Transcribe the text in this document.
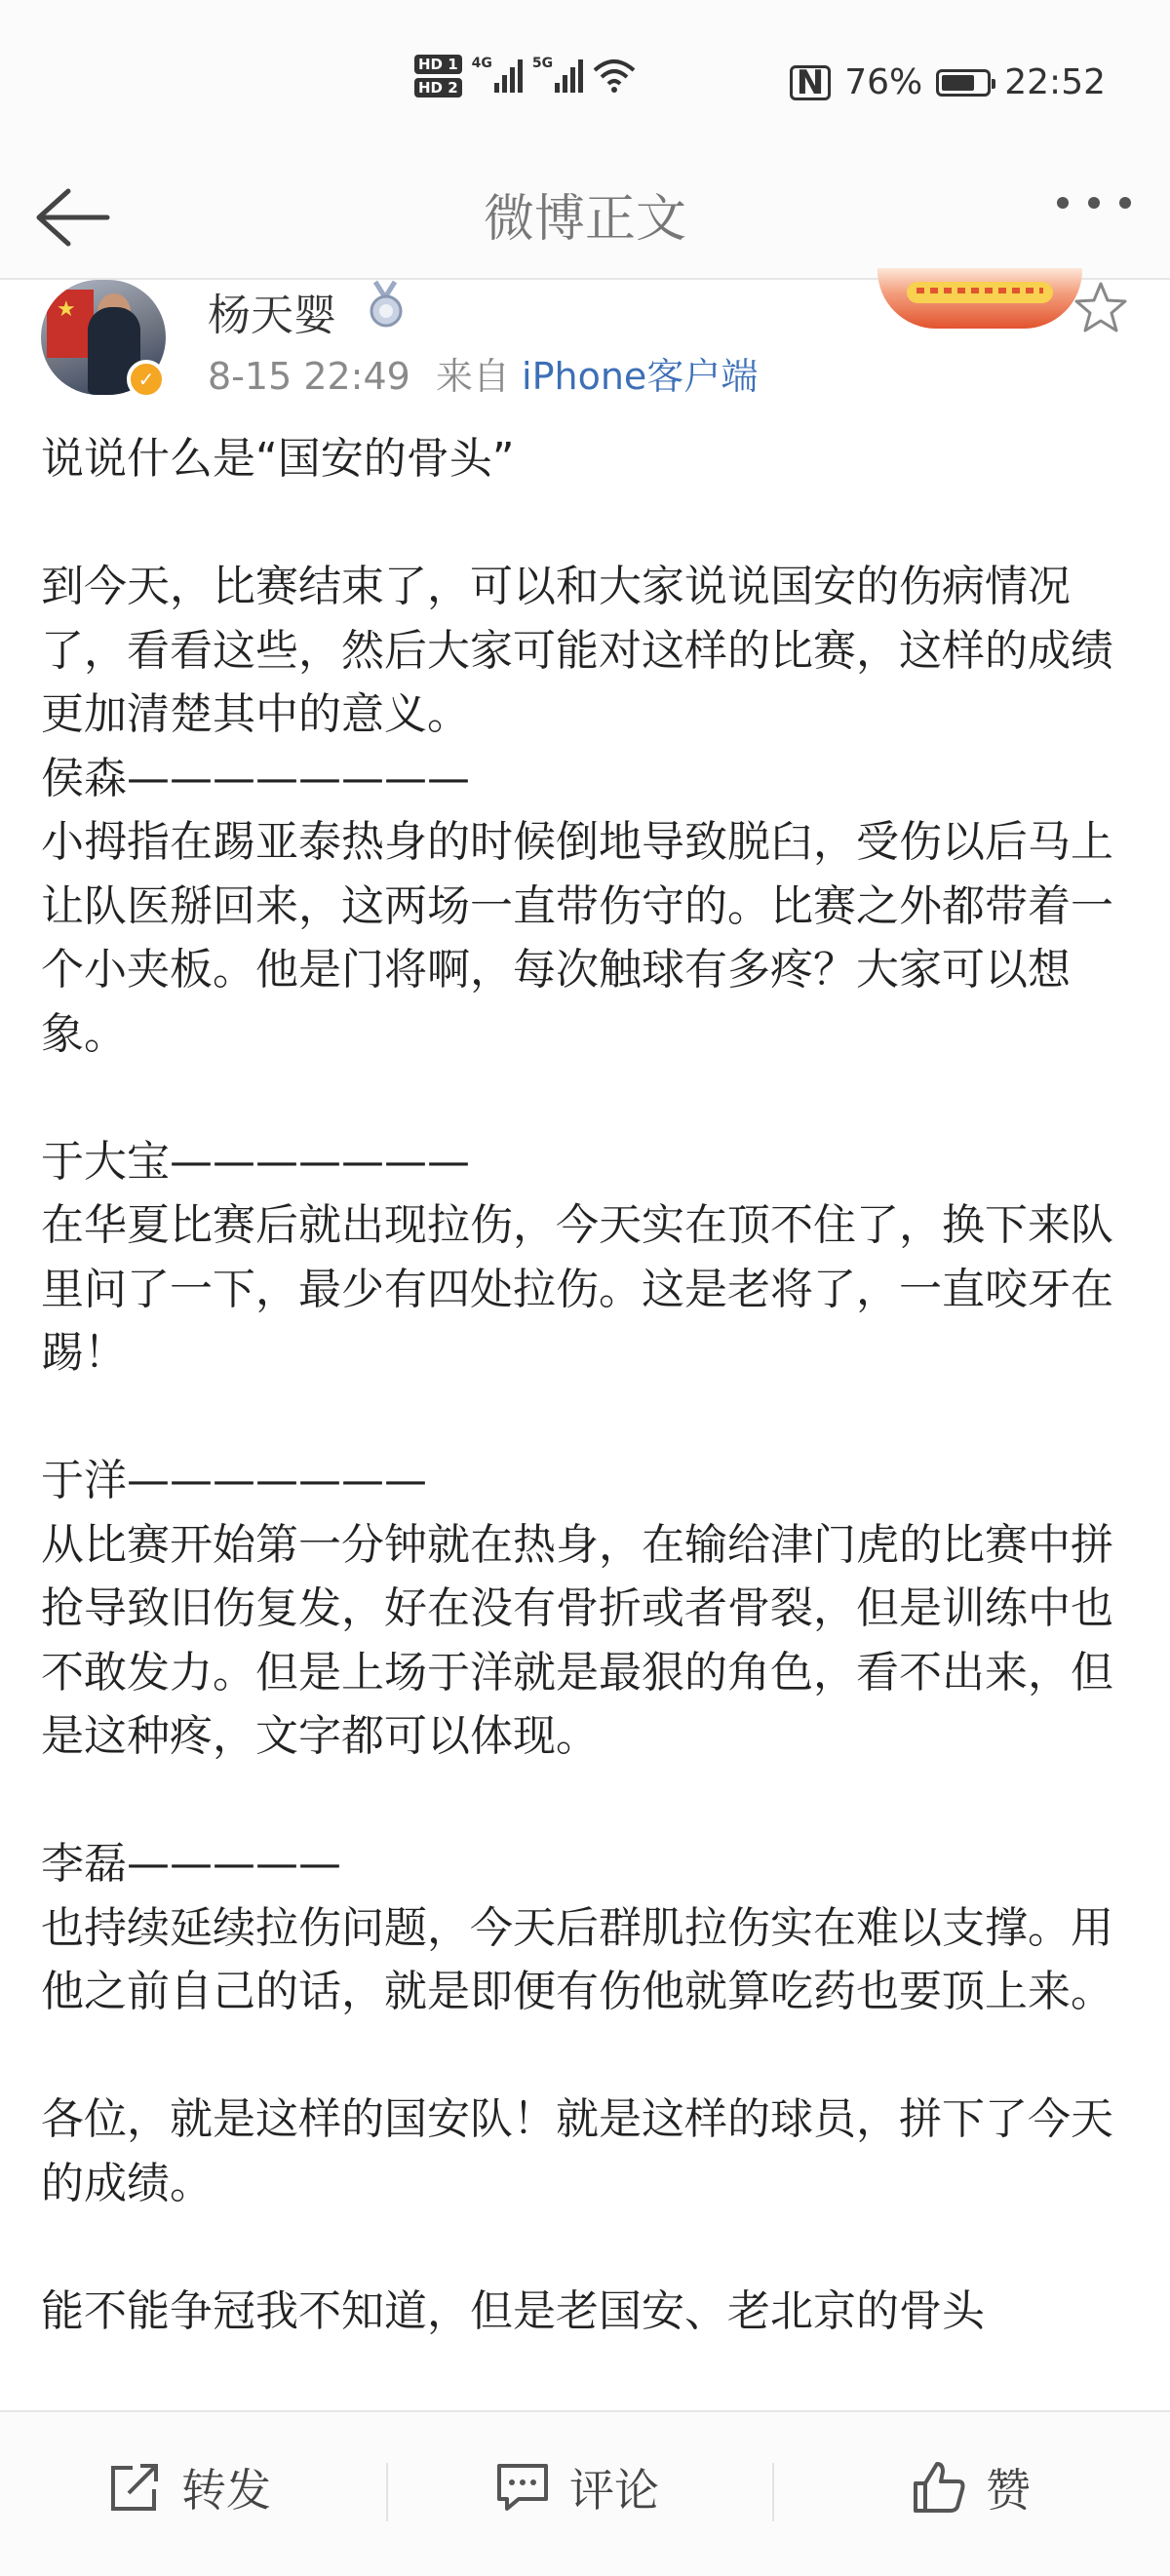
HD 1
HD 2
4G	5G	N 76% 22:52
微博正文
★
✓
杨天婴
8-15 22:49 来自 iPhone客户端

说说什么是“国安的骨头”

到今天，比赛结束了，可以和大家说说国安的伤病情况了，看看这些，然后大家可能对这样的比赛，这样的成绩更加清楚其中的意义。

侯森————————

小拇指在踢亚泰热身的时候倒地导致脱臼，受伤以后马上让队医掰回来，这两场一直带伤守的。比赛之外都带着一个小夹板。他是门将啊，每次触球有多疼？大家可以想象。

于大宝———————

在华夏比赛后就出现拉伤，今天实在顶不住了，换下来队里问了一下，最少有四处拉伤。这是老将了，一直咬牙在踢！

于洋———————

从比赛开始第一分钟就在热身，在输给津门虎的比赛中拼抢导致旧伤复发，好在没有骨折或者骨裂，但是训练中也不敢发力。但是上场于洋就是最狠的角色，看不出来，但是这种疼，文字都可以体现。

李磊—————

也持续延续拉伤问题，今天后群肌拉伤实在难以支撑。用他之前自己的话，就是即便有伤他就算吃药也要顶上来。

各位，就是这样的国安队！就是这样的球员，拼下了今天的成绩。

能不能争冠我不知道，但是老国安、老北京的骨头

转发	评论	赞
